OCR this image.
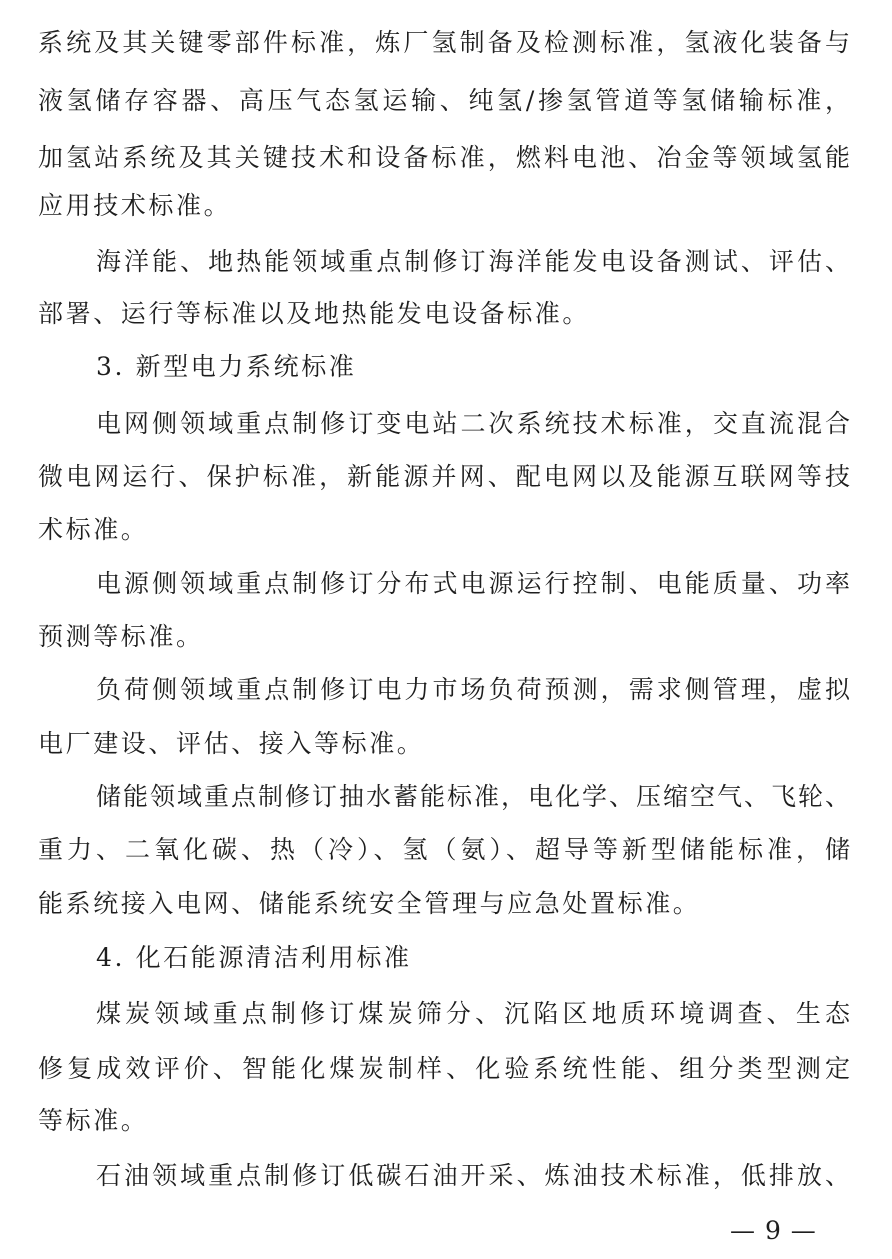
系统及其关键零部件标准，炼厂氢制备及检测标准，氢液化装备与
液氢储存容器、高压气态氢运输、纯氢/掺氢管道等氢储输标准，
加氢站系统及其关键技术和设备标准，燃料电池、冶金等领域氢能
应用技术标准。
海洋能、地热能领域重点制修订海洋能发电设备测试、评估、
部署、运行等标准以及地热能发电设备标准。
3. 新型电力系统标准
电网侧领域重点制修订变电站二次系统技术标准，交直流混合
微电网运行、保护标准，新能源并网、配电网以及能源互联网等技
术标准。
电源侧领域重点制修订分布式电源运行控制、电能质量、功率
预测等标准。
负荷侧领域重点制修订电力市场负荷预测，需求侧管理，虚拟
电厂建设、评估、接入等标准。
储能领域重点制修订抽水蓄能标准，电化学、压缩空气、飞轮、
重力、二氧化碳、热（冷）、氢（氨）、超导等新型储能标准，储
能系统接入电网、储能系统安全管理与应急处置标准。
4. 化石能源清洁利用标准
煤炭领域重点制修订煤炭筛分、沉陷区地质环境调查、生态
修复成效评价、智能化煤炭制样、化验系统性能、组分类型测定
等标准。
石油领域重点制修订低碳石油开采、炼油技术标准，低排放、
— 9 —
